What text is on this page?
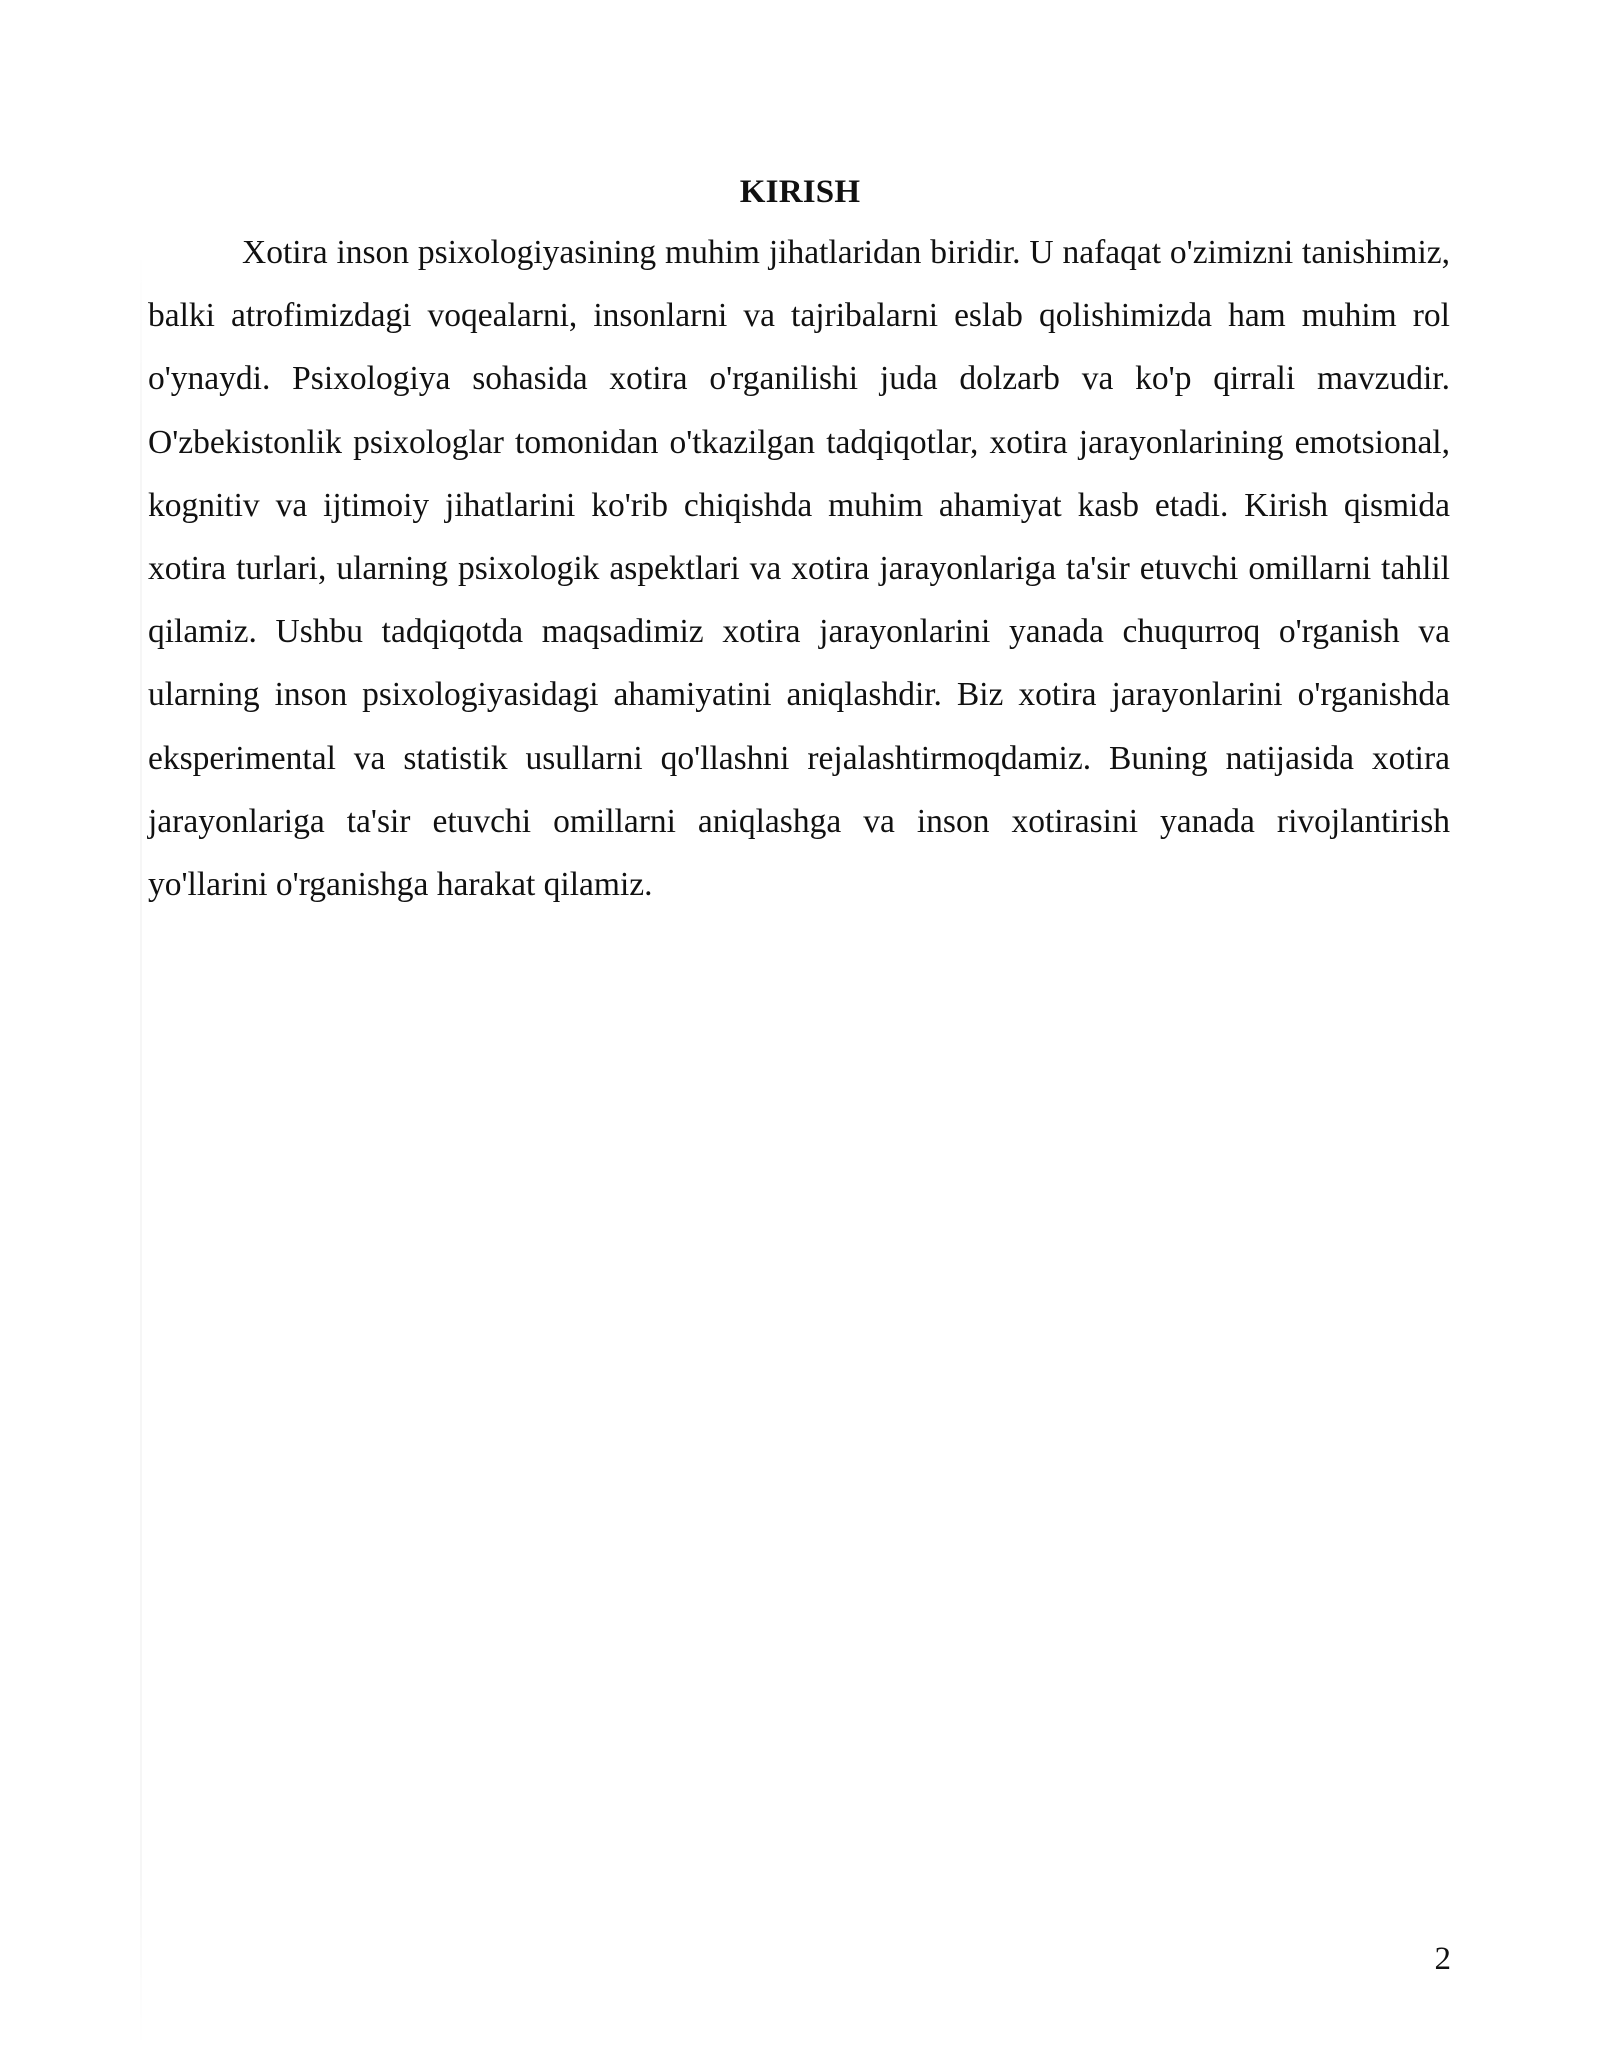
KIRISH

Xotira inson psixologiyasining muhim jihatlaridan biridir. U nafaqat o'zimizni tanishimiz, balki atrofimizdagi voqealarni, insonlarni va tajribalarni eslab qolishimizda ham muhim rol o'ynaydi. Psixologiya sohasida xotira o'rganilishi juda dolzarb va ko'p qirrali mavzudir. O'zbekistonlik psixologlar tomonidan o'tkazilgan tadqiqotlar, xotira jarayonlarining emotsional, kognitiv va ijtimoiy jihatlarini ko'rib chiqishda muhim ahamiyat kasb etadi. Kirish qismida xotira turlari, ularning psixologik aspektlari va xotira jarayonlariga ta'sir etuvchi omillarni tahlil qilamiz. Ushbu tadqiqotda maqsadimiz xotira jarayonlarini yanada chuqurroq o'rganish va ularning inson psixologiyasidagi ahamiyatini aniqlashdir. Biz xotira jarayonlarini o'rganishda eksperimental va statistik usullarni qo'llashni rejalashtirmoqdamiz. Buning natijasida xotira jarayonlariga ta'sir etuvchi omillarni aniqlashga va inson xotirasini yanada rivojlantirish yo'llarini o'rganishga harakat qilamiz.

2
